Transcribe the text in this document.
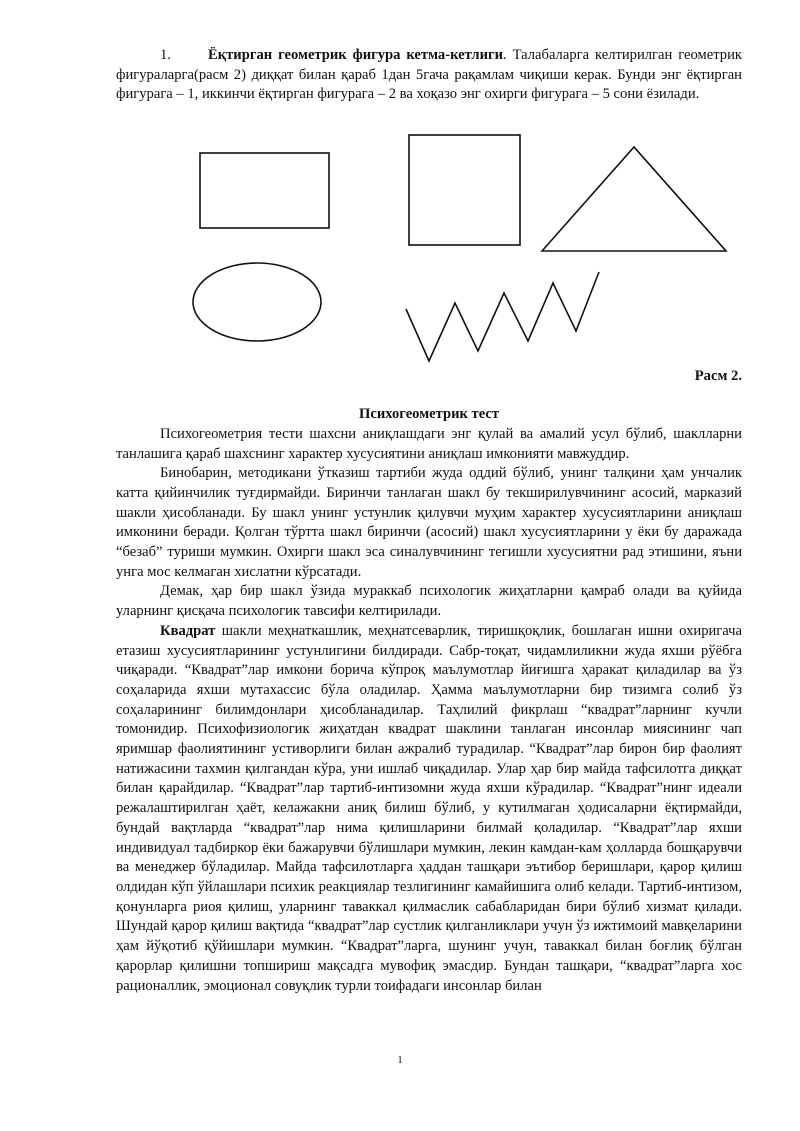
1.	Ёқтирган геометрик фигура кетма-кетлиги. Талабаларга келтирилган геометрик фигураларга(расм 2) диққат билан қараб 1дан 5гача рақамлам чиқиши керак. Бунди энг ёқтирган фигурага – 1, иккинчи ёқтирган фигурага – 2 ва хоқазо энг охирги фигурага – 5 сони ёзилади.

Расм 2.

Психогеометрик тест

Психогеометрия тести шахсни аниқлашдаги энг қулай ва амалий усул бўлиб, шаклларни танлашига қараб шахснинг характер хусусиятини аниқлаш имконияти мавжуддир.

Бинобарин, методикани ўтказиш тартиби жуда оддий бўлиб, унинг талқини ҳам унчалик катта қийинчилик туғдирмайди. Биринчи танлаган шакл бу текширилувчининг асосий, марказий шакли ҳисобланади. Бу шакл унинг устунлик қилувчи муҳим характер хусусиятларини аниқлаш имконини беради. Қолган тўртта шакл биринчи (асосий) шакл хусусиятларини у ёки бу даражада “безаб” туриши мумкин. Охирги шакл эса синалувчининг тегишли хусусиятни рад этишини, яъни унга мос келмаган хислатни кўрсатади.

Демак, ҳар бир шакл ўзида мураккаб психологик жиҳатларни қамраб олади ва қуйида уларнинг қисқача психологик тавсифи келтирилади.

Квадрат шакли меҳнаткашлик, меҳнатсеварлик, тиришқоқлик, бошлаган ишни охиригача етазиш хусусиятларининг устунлигини билдиради. Сабр-тоқат, чидамлиликни жуда яхши рўёбга чиқаради. “Квадрат”лар имкони борича кўпроқ маълумотлар йиғишга ҳаракат қиладилар ва ўз соҳаларида яхши мутахассис бўла оладилар. Ҳамма маълумотларни бир тизимга солиб ўз соҳаларининг билимдонлари ҳисобланадилар. Таҳлилий фикрлаш “квадрат”ларнинг кучли томонидир. Психофизиологик жиҳатдан квадрат шаклини танлаган инсонлар миясининг чап яримшар фаолиятининг устиворлиги билан ажралиб турадилар. “Квадрат”лар бирон бир фаолият натижасини тахмин қилгандан кўра, уни ишлаб чиқадилар. Улар ҳар бир майда тафсилотга диққат билан қарайдилар. “Квадрат”лар тартиб-интизомни жуда яхши кўрадилар. “Квадрат”нинг идеали режалаштирилган ҳаёт, келажакни аниқ билиш бўлиб, у кутилмаган ҳодисаларни ёқтирмайди, бундай вақтларда “квадрат”лар нима қилишларини билмай қоладилар. “Квадрат”лар яхши индивидуал тадбиркор ёки бажарувчи бўлишлари мумкин, лекин камдан-кам ҳолларда бошқарувчи ва менеджер бўладилар. Майда тафсилотларга ҳаддан ташқари эътибор беришлари, қарор қилиш олдидан кўп ўйлашлари психик реакциялар тезлигининг камайишига олиб келади. Тартиб-интизом, қонунларга риоя қилиш, уларнинг таваккал қилмаслик сабабларидан бири бўлиб хизмат қилади. Шундай қарор қилиш вақтида “квадрат”лар сустлик қилганликлари учун ўз ижтимоий мавқеларини ҳам йўқотиб қўйишлари мумкин. “Квадрат”ларга, шунинг учун, таваккал билан боғлиқ бўлган қарорлар қилишни топшириш мақсадга мувофиқ эмасдир. Бундан ташқари, “квадрат”ларга хос рационаллик, эмоционал совуқлик турли тоифадаги инсонлар билан

1
